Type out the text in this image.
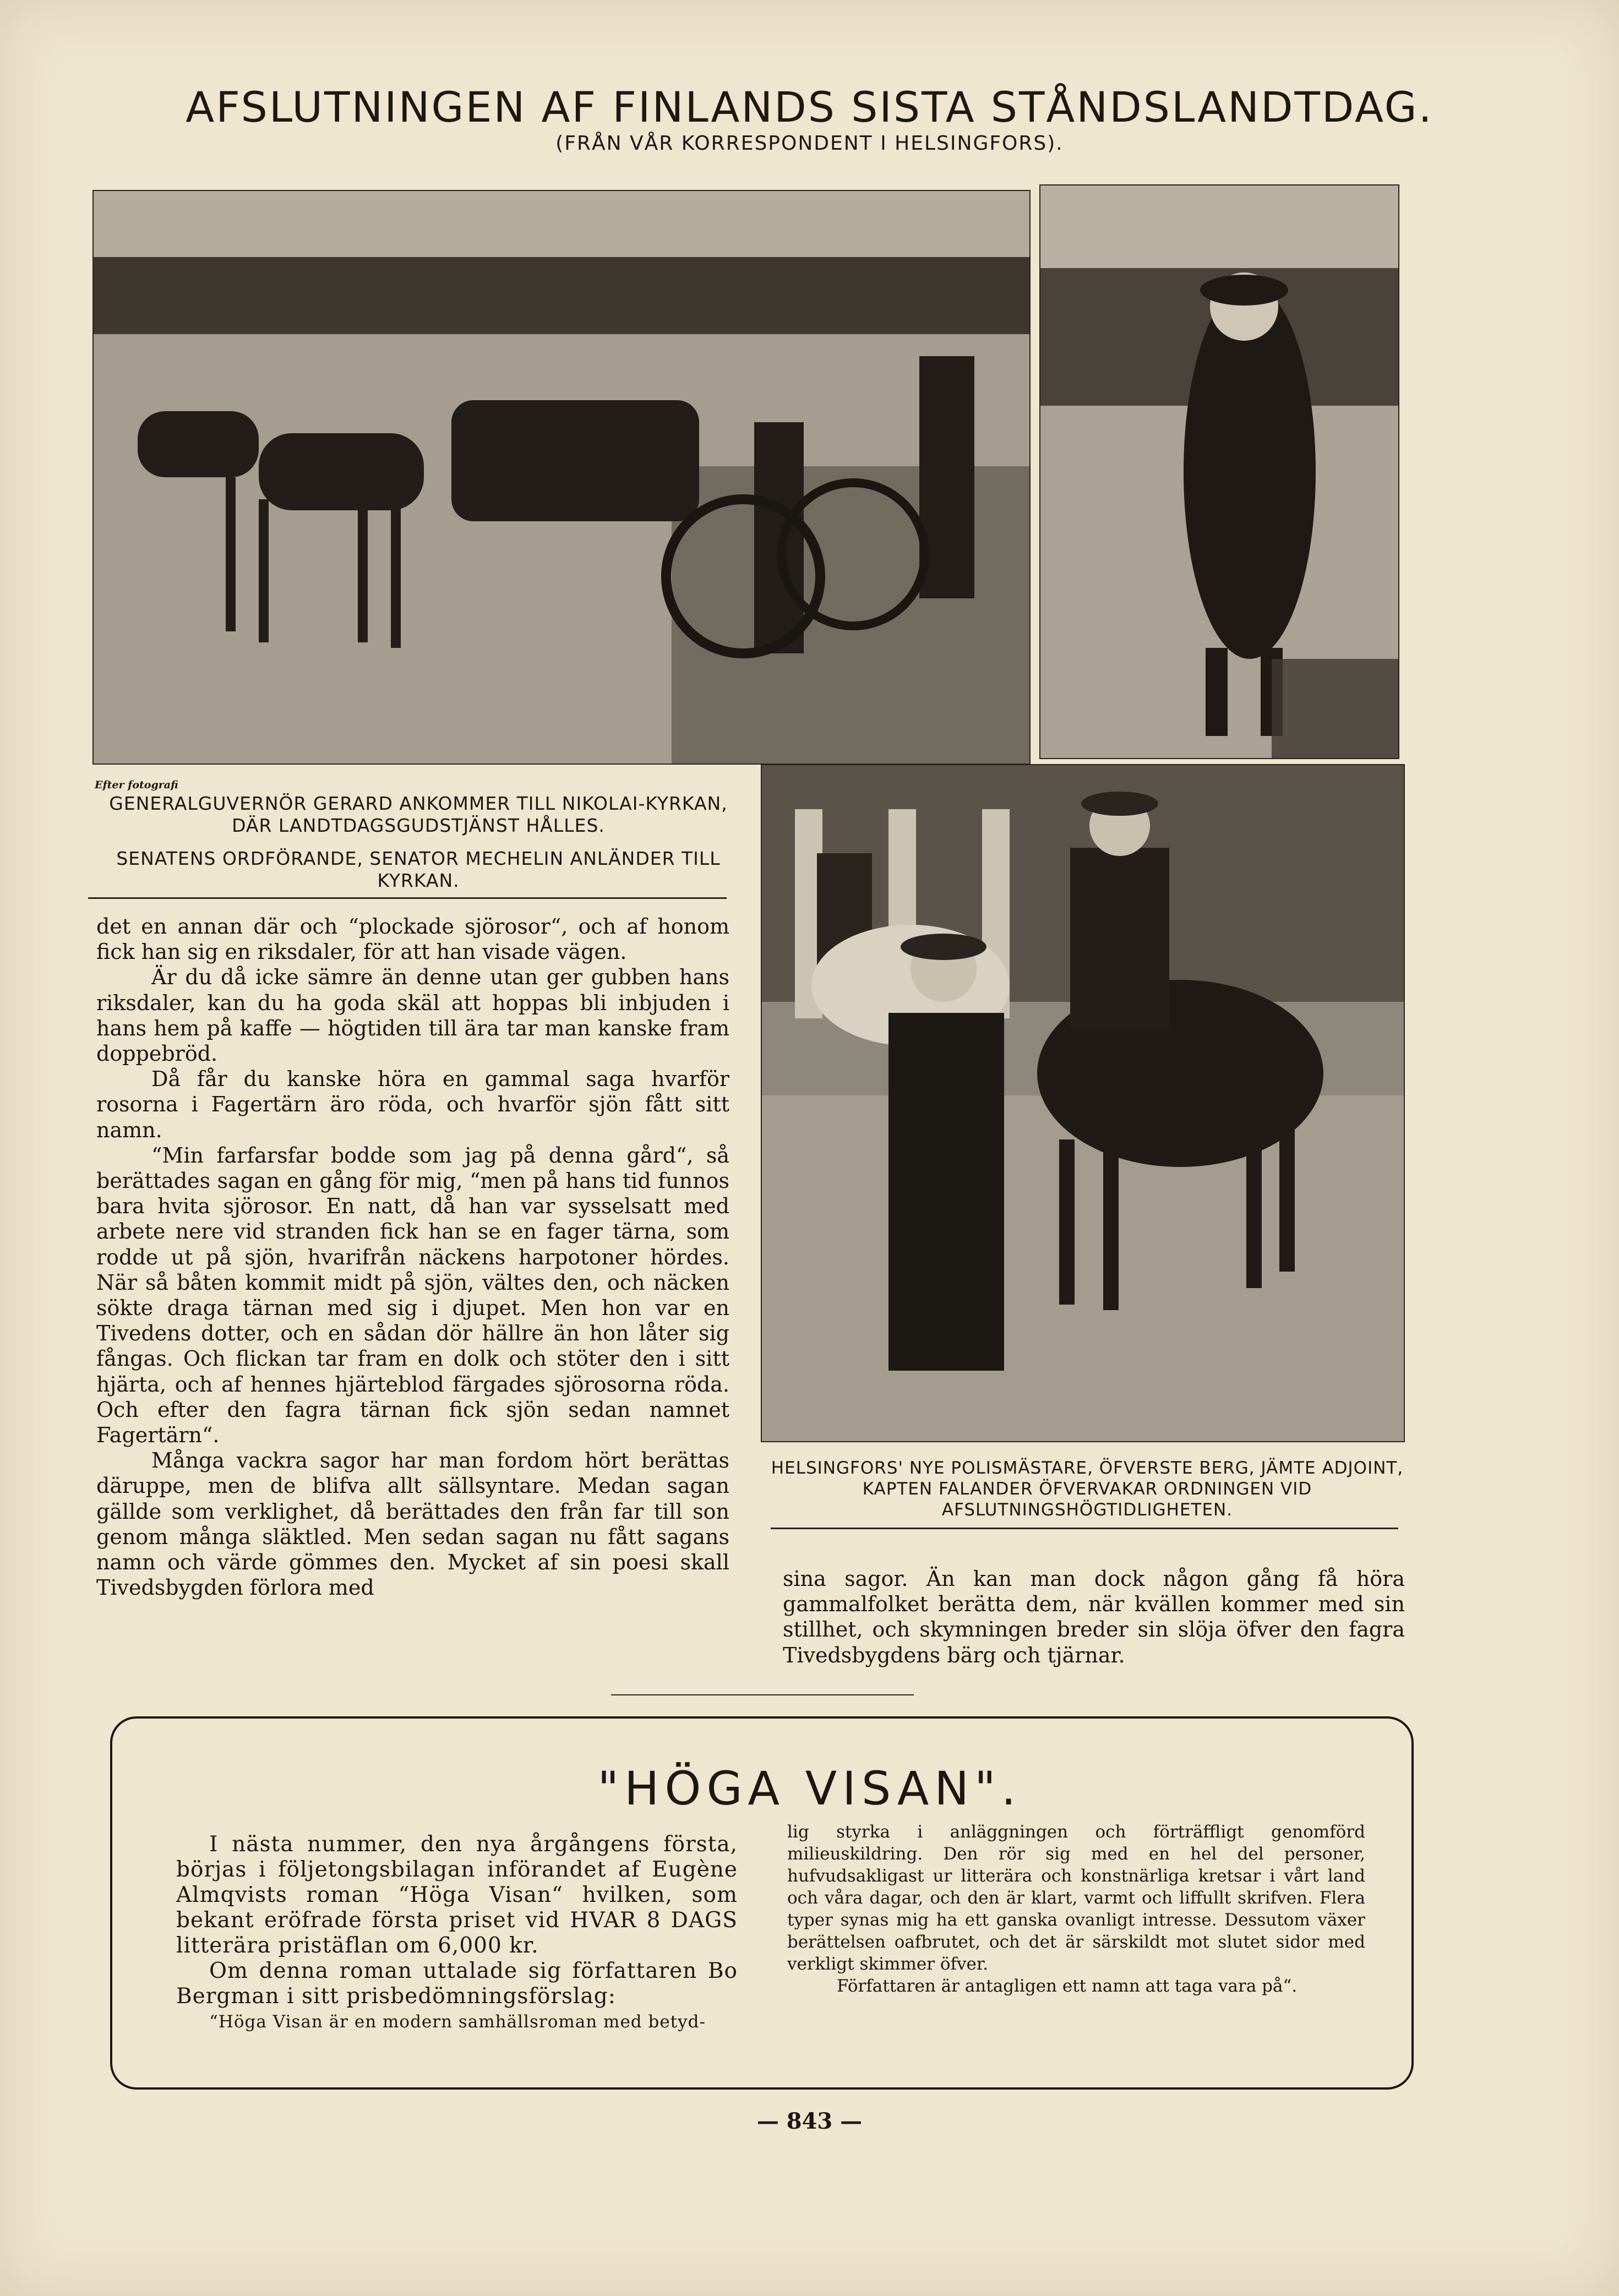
AFSLUTNINGEN AF FINLANDS SISTA STÅNDSLANDTDAG.
(FRÅN VÅR KORRESPONDENT I HELSINGFORS).
Efter fotografi
GENERALGUVERNÖR GERARD ANKOMMER TILL NIKOLAI-KYRKAN, DÄR LANDTDAGSGUDSTJÄNST HÅLLES.
SENATENS ORDFÖRANDE, SENATOR MECHELIN ANLÄNDER TILL KYRKAN.
HELSINGFORS' NYE POLISMÄSTARE, ÖFVERSTE BERG, JÄMTE ADJOINT, KAPTEN FALANDER ÖFVERVAKAR ORDNINGEN VID AFSLUTNINGSHÖGTIDLIGHETEN.

det en annan där och “plockade sjörosor“, och af honom fick han sig en riksdaler, för att han visade vägen.

Är du då icke sämre än denne utan ger gubben hans riksdaler, kan du ha goda skäl att hoppas bli inbjuden i hans hem på kaffe — högtiden till ära tar man kanske fram doppebröd.

Då får du kanske höra en gammal saga hvarför rosorna i Fagertärn äro röda, och hvarför sjön fått sitt namn.

“Min farfarsfar bodde som jag på denna gård“, så berättades sagan en gång för mig, “men på hans tid funnos bara hvita sjörosor. En natt, då han var sysselsatt med arbete nere vid stranden fick han se en fager tärna, som rodde ut på sjön, hvarifrån näckens harpotoner hördes. När så båten kommit midt på sjön, vältes den, och näcken sökte draga tärnan med sig i djupet. Men hon var en Tivedens dotter, och en sådan dör hällre än hon låter sig fångas. Och flickan tar fram en dolk och stöter den i sitt hjärta, och af hennes hjärteblod färgades sjörosorna röda. Och efter den fagra tärnan fick sjön sedan namnet Fagertärn“.

Många vackra sagor har man fordom hört berättas däruppe, men de blifva allt sällsyntare. Medan sagan gällde som verklighet, då berättades den från far till son genom många släktled. Men sedan sagan nu fått sagans namn och värde gömmes den. Mycket af sin poesi skall Tivedsbygden förlora med	sina sagor. Än kan man dock någon gång få höra gammalfolket berätta dem, när kvällen kommer med sin stillhet, och skymningen breder sin slöja öfver den fagra Tivedsbygdens bärg och tjärnar.

"HÖGA VISAN".

I nästa nummer, den nya årgångens första, börjas i följetongsbilagan införandet af Eugène Almqvists roman “Höga Visan“ hvilken, som bekant eröfrade första priset vid HVAR 8 DAGS litterära pristäflan om 6,000 kr.

Om denna roman uttalade sig författaren Bo Bergman i sitt prisbedömningsförslag:

“Höga Visan är en modern samhällsroman med betyd-

lig styrka i anläggningen och förträffligt genomförd milieuskildring. Den rör sig med en hel del personer, hufvudsakligast ur litterära och konstnärliga kretsar i vårt land och våra dagar, och den är klart, varmt och liffullt skrifven. Flera typer synas mig ha ett ganska ovanligt intresse. Dessutom växer berättelsen oafbrutet, och det är särskildt mot slutet sidor med verkligt skimmer öfver.

Författaren är antagligen ett namn att taga vara på“.

— 843 —
